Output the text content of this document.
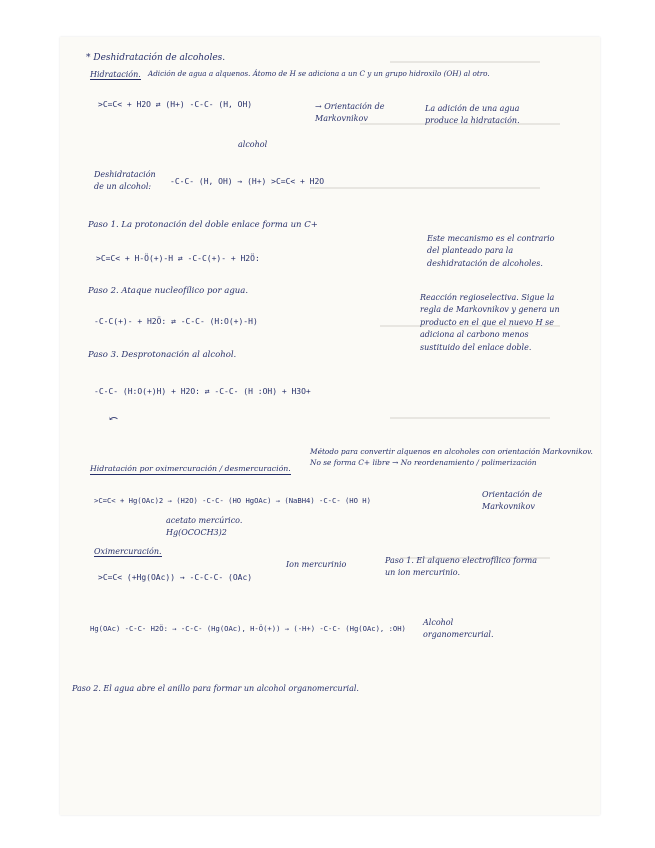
* Deshidratación de alcoholes.
Hidratación. Adición de agua a alquenos. Átomo de H se adiciona a un C y un grupo hidroxilo (OH) al otro.
>C=C< + H2O ⇄ (H+) -C-C- (H, OH)	→ Orientación de Markovnikov
alcohol
La adición de una agua produce la hidratación.
Deshidratación de un alcohol:
-C-C- (H, OH) → (H+) >C=C< + H2O
Paso 1. La protonación del doble enlace forma un C+
>C=C< + H-Ö(+)-H ⇄ -C-C(+)- + H2Ö:
Este mecanismo es el contrario del planteado para la deshidratación de alcoholes.
Paso 2. Ataque nucleofílico por agua.
-C-C(+)- + H2Ö: ⇄ -C-C- (H:O(+)-H)
Reacción regioselectiva. Sigue la regla de Markovnikov y genera un producto en el que el nuevo H se adiciona al carbono menos sustituido del enlace doble.
Paso 3. Desprotonación al alcohol.
-C-C- (H:O(+)H) + H2O: ⇄ -C-C- (H :OH) + H3O+
⤺
Hidratación por oximercuración / desmercuración.
Método para convertir alquenos en alcoholes con orientación Markovnikov. No se forma C+ libre → No reordenamiento / polimerización
>C=C< + Hg(OAc)2 → (H2O) -C-C- (HO HgOAc) → (NaBH4) -C-C- (HO H)
acetato mercúrico. Hg(OCOCH3)2
Orientación de Markovnikov
Oximercuración.
>C=C< (+Hg(OAc)) → -C-C-C- (OAc)
Ion mercurinio	Paso 1. El alqueno electrofílico forma un ion mercurinio.
Hg(OAc) -C-C- H2Ö: → -C-C- (Hg(OAc), H-Ö(+)) → (-H+) -C-C- (Hg(OAc), :OH)
Alcohol organomercurial.
Paso 2. El agua abre el anillo para formar un alcohol organomercurial.
